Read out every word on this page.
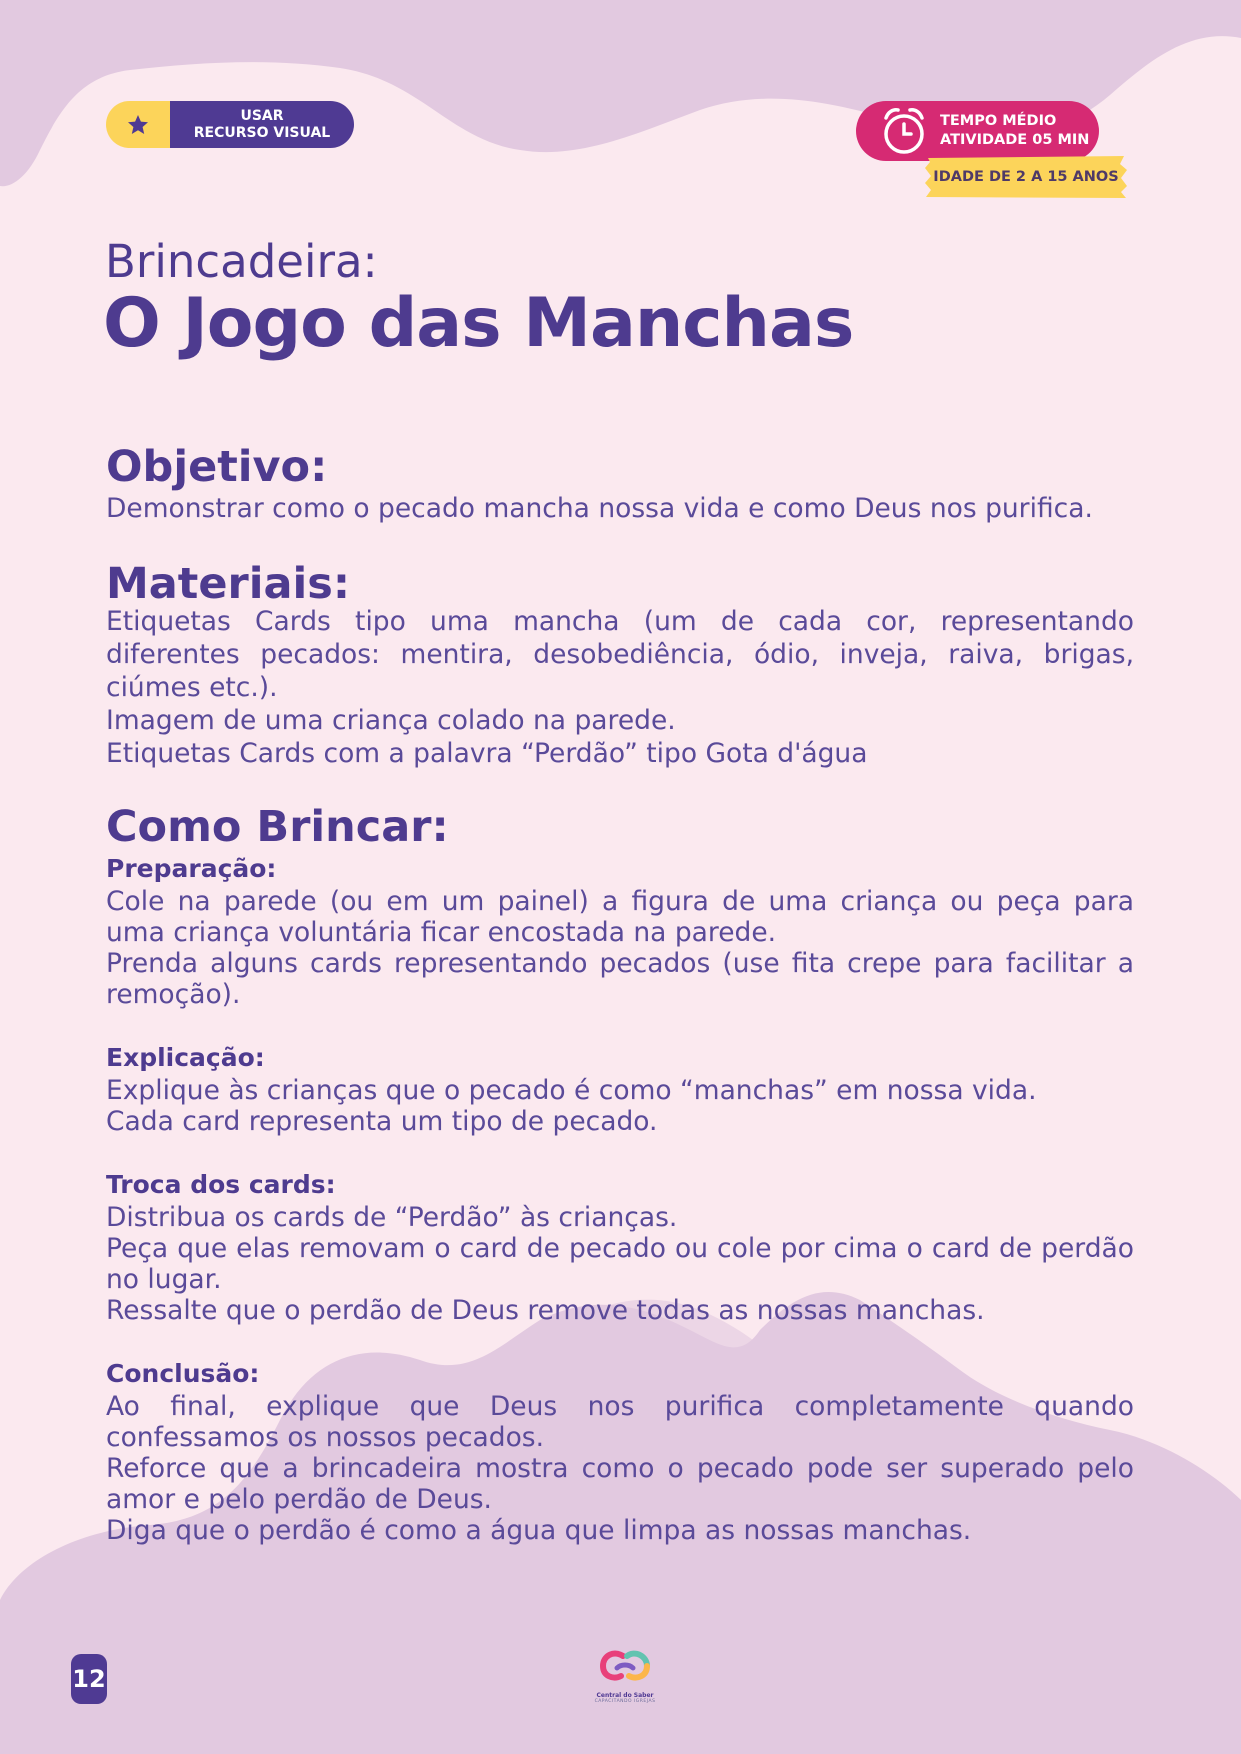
USAR
RECURSO VISUAL
TEMPO MÉDIO
ATIVIDADE 05 MIN
IDADE DE 2 A 15 ANOS
Brincadeira:
O Jogo das Manchas
Objetivo:

Demonstrar como o pecado mancha nossa vida e como Deus nos purifica.

Materiais:

Etiquetas Cards tipo uma mancha (um de cada cor, representando diferentes pecados: mentira, desobediência, ódio, inveja, raiva, brigas, ciúmes etc.).

Imagem de uma criança colado na parede.

Etiquetas Cards com a palavra “Perdão” tipo Gota d'água

Como Brincar:

Preparação:

Cole na parede (ou em um painel) a figura de uma criança ou peça para uma criança voluntária ficar encostada na parede.

Prenda alguns cards representando pecados (use fita crepe para facilitar a remoção).

Explicação:

Explique às crianças que o pecado é como “manchas” em nossa vida.

Cada card representa um tipo de pecado.

Troca dos cards:

Distribua os cards de “Perdão” às crianças.

Peça que elas removam o card de pecado ou cole por cima o card de perdão no lugar.

Ressalte que o perdão de Deus remove todas as nossas manchas.

Conclusão:

Ao final, explique que Deus nos purifica completamente quando confessamos os nossos pecados.

Reforce que a brincadeira mostra como o pecado pode ser superado pelo amor e pelo perdão de Deus.

Diga que o perdão é como a água que limpa as nossas manchas.

12
Central do Saber
CAPACITANDO IGREJAS
